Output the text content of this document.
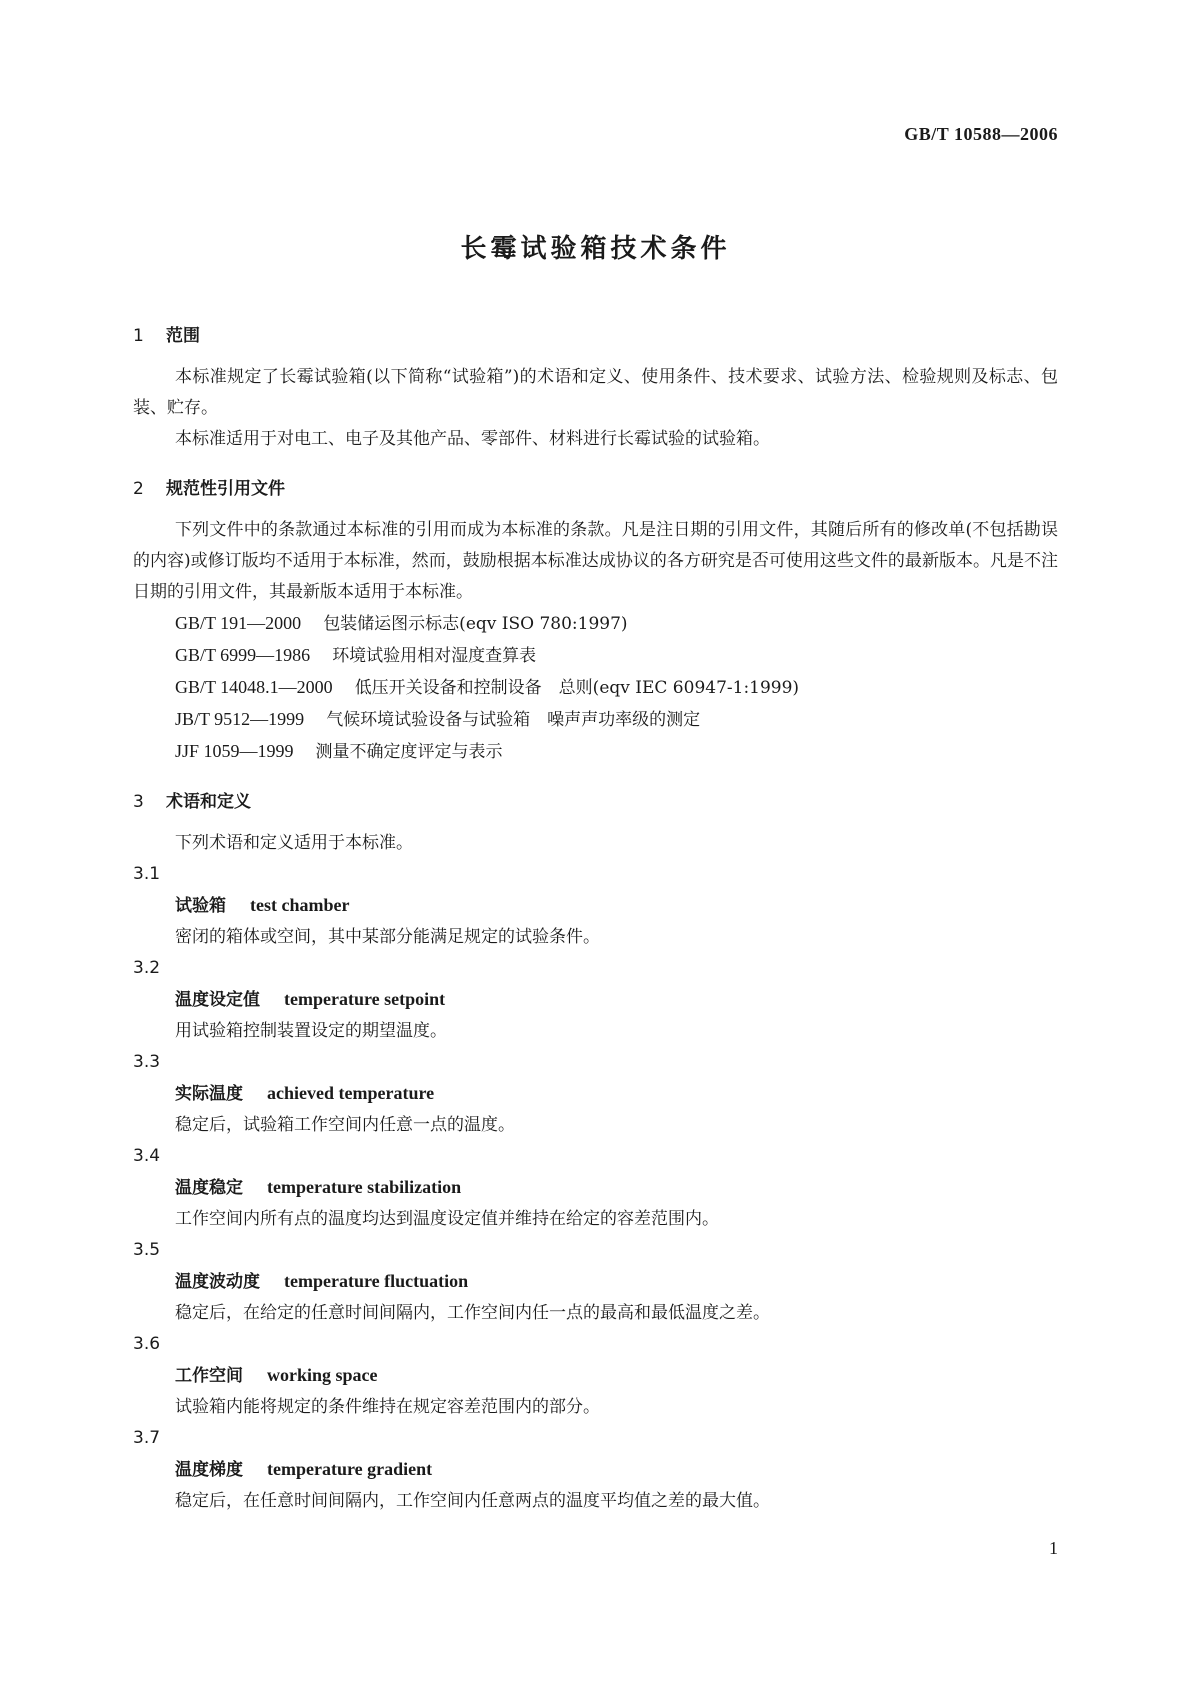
GB/T 10588—2006
长霉试验箱技术条件
1 范围
本标准规定了长霉试验箱(以下简称“试验箱”)的术语和定义、使用条件、技术要求、试验方法、检验规则及标志、包装、贮存。
本标准适用于对电工、电子及其他产品、零部件、材料进行长霉试验的试验箱。
2 规范性引用文件
下列文件中的条款通过本标准的引用而成为本标准的条款。凡是注日期的引用文件，其随后所有的修改单(不包括勘误的内容)或修订版均不适用于本标准，然而，鼓励根据本标准达成协议的各方研究是否可使用这些文件的最新版本。凡是不注日期的引用文件，其最新版本适用于本标准。
GB/T 191—2000 包装储运图示标志(eqv ISO 780:1997)
GB/T 6999—1986 环境试验用相对湿度查算表
GB/T 14048.1—2000 低压开关设备和控制设备　总则(eqv IEC 60947-1:1999)
JB/T 9512—1999 气候环境试验设备与试验箱　噪声声功率级的测定
JJF 1059—1999 测量不确定度评定与表示
3 术语和定义
下列术语和定义适用于本标准。
3.1
试验箱 test chamber
密闭的箱体或空间，其中某部分能满足规定的试验条件。
3.2
温度设定值 temperature setpoint
用试验箱控制装置设定的期望温度。
3.3
实际温度 achieved temperature
稳定后，试验箱工作空间内任意一点的温度。
3.4
温度稳定 temperature stabilization
工作空间内所有点的温度均达到温度设定值并维持在给定的容差范围内。
3.5
温度波动度 temperature fluctuation
稳定后，在给定的任意时间间隔内，工作空间内任一点的最高和最低温度之差。
3.6
工作空间 working space
试验箱内能将规定的条件维持在规定容差范围内的部分。
3.7
温度梯度 temperature gradient
稳定后，在任意时间间隔内，工作空间内任意两点的温度平均值之差的最大值。
1
